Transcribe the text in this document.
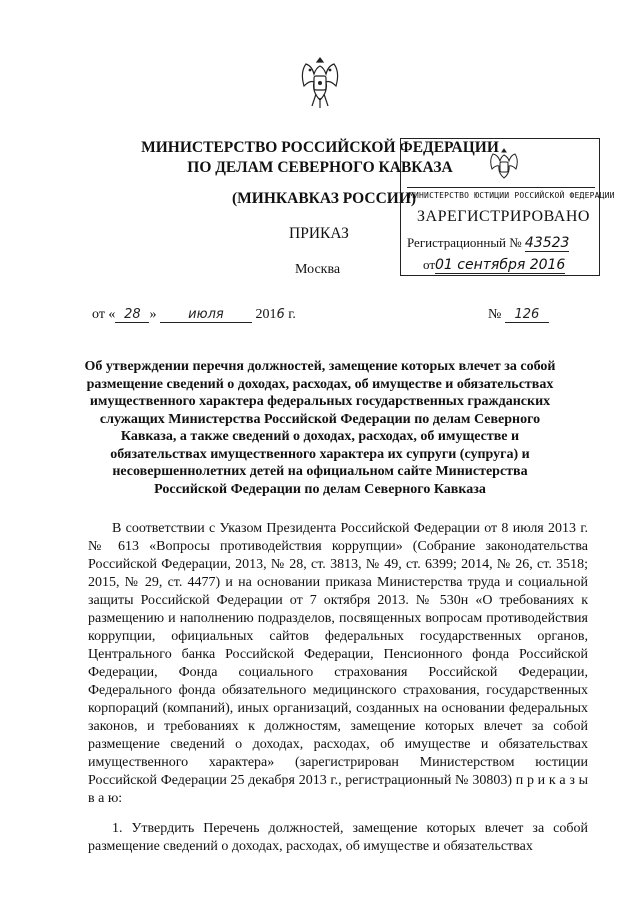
МИНИСТЕРСТВО РОССИЙСКОЙ ФЕДЕРАЦИИ
ПО ДЕЛАМ СЕВЕРНОГО КАВКАЗА
(МИНКАВКАЗ РОССИИ)
ПРИКАЗ
Москва
от « 28 » июля 2016 г.	№ 126
МИНИСТЕРСТВО ЮСТИЦИИ РОССИЙСКОЙ ФЕДЕРАЦИИ
ЗАРЕГИСТРИРОВАНО
Регистрационный № 43523
от01 сентября 2016
Об утверждении перечня должностей, замещение которых влечет за собой размещение сведений о доходах, расходах, об имуществе и обязательствах имущественного характера федеральных государственных гражданских служащих Министерства Российской Федерации по делам Северного Кавказа, а также сведений о доходах, расходах, об имуществе и обязательствах имущественного характера их супруги (супруга) и несовершеннолетних детей на официальном сайте Министерства Российской Федерации по делам Северного Кавказа
В соответствии с Указом Президента Российской Федерации от 8 июля 2013 г. № 613 «Вопросы противодействия коррупции» (Собрание законодательства Российской Федерации, 2013, № 28, ст. 3813, № 49, ст. 6399; 2014, № 26, ст. 3518; 2015, № 29, ст. 4477) и на основании приказа Министерства труда и социальной защиты Российской Федерации от 7 октября 2013. № 530н «О требованиях к размещению и наполнению подразделов, посвященных вопросам противодействия коррупции, официальных сайтов федеральных государственных органов, Центрального банка Российской Федерации, Пенсионного фонда Российской Федерации, Фонда социального страхования Российской Федерации, Федерального фонда обязательного медицинского страхования, государственных корпораций (компаний), иных организаций, созданных на основании федеральных законов, и требованиях к должностям, замещение которых влечет за собой размещение сведений о доходах, расходах, об имуществе и обязательствах имущественного характера» (зарегистрирован Министерством юстиции Российской Федерации 25 декабря 2013 г., регистрационный № 30803) п р и к а з ы в а ю:
1. Утвердить Перечень должностей, замещение которых влечет за собой размещение сведений о доходах, расходах, об имуществе и обязательствах
